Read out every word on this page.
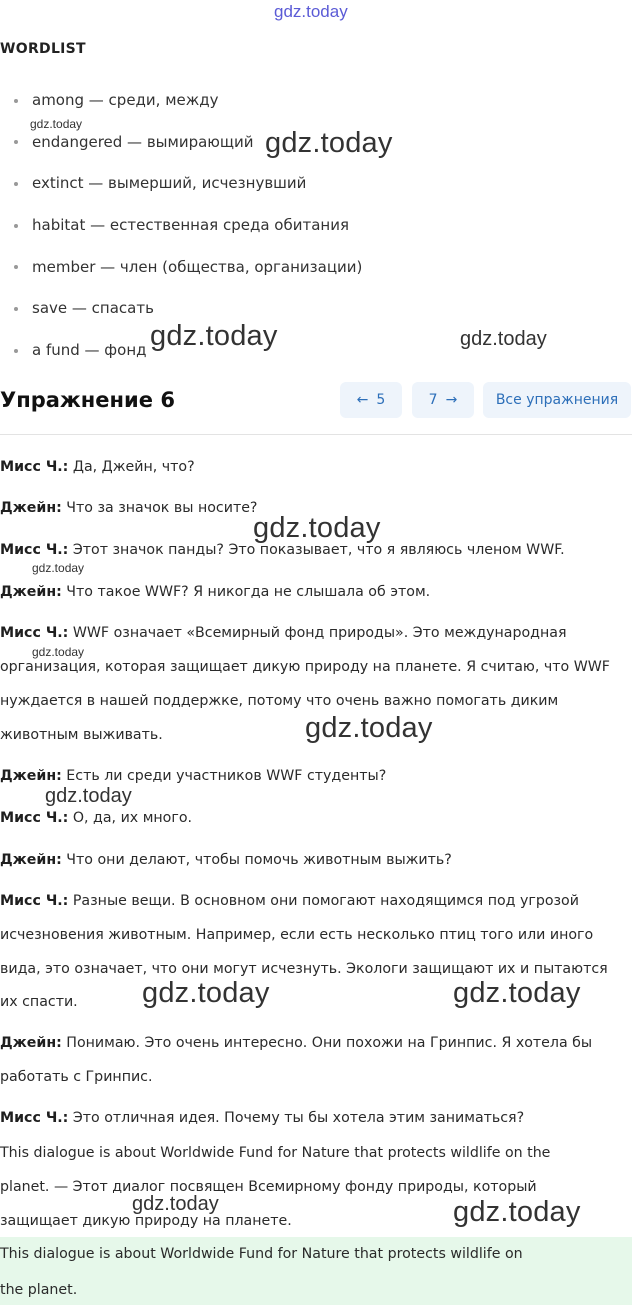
gdz.today
gdz.today
gdz.today
gdz.today	gdz.today
WORDLIST
among — среди, между
endangered — вымирающий
extinct — вымерший, исчезнувший
habitat — естественная среда обитания
member — член (общества, организации)
save — спасать
a fund — фонд
Упражнение 6	← 5	7 →	Все упражнения
Мисс Ч.: Да, Джейн, что?
Джейн: Что за значок вы носите?
Мисс Ч.: Этот значок панды? Это показывает, что я являюсь членом WWF.
Джейн: Что такое WWF? Я никогда не слышала об этом.
Мисс Ч.: WWF означает «Всемирный фонд природы». Это международная
организация, которая защищает дикую природу на планете. Я считаю, что WWF
нуждается в нашей поддержке, потому что очень важно помогать диким
животным выживать.
Джейн: Есть ли среди участников WWF студенты?
Мисс Ч.: О, да, их много.
Джейн: Что они делают, чтобы помочь животным выжить?
Мисс Ч.: Разные вещи. В основном они помогают находящимся под угрозой
исчезновения животным. Например, если есть несколько птиц того или иного
вида, это означает, что они могут исчезнуть. Экологи защищают их и пытаются
их спасти.
Джейн: Понимаю. Это очень интересно. Они похожи на Гринпис. Я хотела бы
работать с Гринпис.
Мисс Ч.: Это отличная идея. Почему ты бы хотела этим заниматься?
This dialogue is about Worldwide Fund for Nature that protects wildlife on the
planet. — Этот диалог посвящен Всемирному фонду природы, который
защищает дикую природу на планете.
This dialogue is about Worldwide Fund for Nature that protects wildlife on
the planet.
gdz.today
gdz.today
gdz.today
gdz.today
gdz.today
gdz.today	gdz.today
gdz.today	gdz.today
